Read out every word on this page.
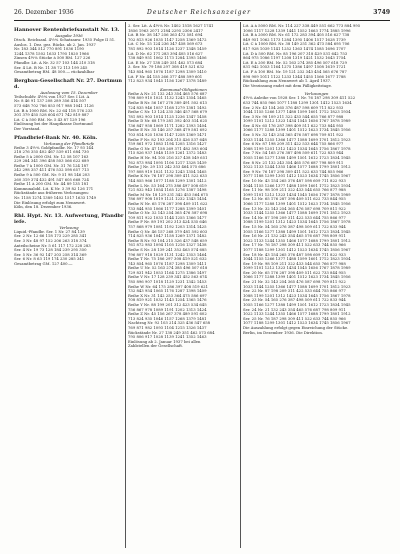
26. Dezember 1936	Deutscher Reichsanzeiger	3749
Hannover Rentenbriefsanstalt Nr. 13.
Ausgabe 1936
Dtsch. Reichsanl. 4½% Schatzanw. 1935 Folge II 51.
Auslos. 1. Dez. gez. Rückz. ab 2. Jan. 1937
Nr. 183 344 512 770 891 1036 1190
1244 1378 1502 1633 1795 1820 1966
Zinsen 4½% Stücke à 500 RM. 127 226
Pfandbr. Lit. A Nr. 32 57 103 144 210 318
Ser. 4 Lit. B Nr. 11 38 72 113 199 245
Gesamtbetrag RM. 48 500.— rückzahlbar
Bergbau-Gesellschaft Nr. 27. Dortmund.
Auslosung vom 15. Dezember
Teilschuldv. 4½% von 1927 Ser. I Lit. A
Nr. 8 46 91 137 208 289 356 414 507
573 648 702 786 853 917 988 1041 1126
Lit. B à 1000 RM. Nr. 22 64 118 176 233
301 379 455 528 604 671 742 819 887
Lit. C à 500 RM. Nr. 5 43 87 129 196
Einlösung bei der Hauptkasse Dortmund
Der Vorstand.
Pfandbrief-Bank Nr. 40. Köln.
Verlosung der Pfandbriefe
Reihe 3 4½% Goldpfandbr. Nr. 17 93 144
218 276 355 402 467 539 611 684 730
Reihe 5 à 2000 GM. Nr. 12 58 107 163
229 284 341 396 458 503 566 622 689
Reihe 7 à 1000 GM. Nr. 31 76 124 187
242 298 357 411 476 532 598 657 713
Reihe 9 à 500 GM. Nr. 9 51 98 146 203
260 319 374 432 491 547 605 668 724
Reihe 11 à 200 GM. Nr. 44 89 135 181
Kommunalobl. Lit. K Nr. 3 39 82 126 171
Rückstände aus früheren Verlosungen:
Nr. 1158 1274 1389 1402 1517 1633 1749
Die Einlösung erfolgt zum Nennwert.
Köln, den 18. Dezember 1936.
Rhl. Hypt. Nr. 13. Aufwertung, Pfandbriefe.
Verlosung
Liquid.-Pfandbr. Ser. 1 Nr. 27 84 139
Ser. 2 Nr. 12 66 118 173 229 285 341
Ser. 3 Nr. 48 97 152 206 263 318 374
Anteilscheine Nr. 5 61 117 172 228 283
Ser. 4 Nr. 19 73 128 184 239 295 350
Ser. 5 Nr. 36 92 147 203 258 314 369
Ser. 6 Nr. 8 63 119 174 230 285 341
Gesamtbetrag GM. 127 400.—
2. Ser. Lit. A 4½% Nr. 1402 1518 1627 1741
1856 1963 2071 2184 2295 2306 2417
Lit. B Nr. 38 147 256 363 472 581 694
702 813 926 1035 1147 1258 1369 1472
Lit. C Nr. 15 124 236 347 458 569 673
781 892 903 1014 1126 1237 1348 1459
Lit. D Nr. 62 171 283 394 405 516 627
738 849 951 1062 1173 1284 1395 1406
Lit. E Nr. 27 138 249 351 462 573 684
3. Ser. Nr. 79 186 297 308 419 521 632
743 854 965 1076 1187 1298 1309 1410
Lit. F Nr. 44 155 266 377 488 599 601
712 823 934 1045 1156 1267 1378 1489
Kommunal-Obligationen
Reihe A Nr. 21 132 243 354 465 576 687
798 809 910 1021 1132 1243 1354 1465
Reihe B Nr. 56 167 278 389 491 502 613
724 835 946 1057 1168 1279 1381 1492
Reihe C Nr. 13 124 235 346 457 568 679
781 892 903 1014 1125 1236 1347 1458
Reihe D Nr. 68 179 281 392 403 514 625
736 847 958 1069 1171 1282 1393 1404
Reihe E Nr. 35 146 257 368 479 581 692
703 814 925 1036 1147 1258 1369 1471
Reihe F Nr. 82 193 204 315 426 537 648
759 861 972 1083 1194 1205 1316 1427
Reihe G Nr. 47 158 269 371 482 593 604
715 826 937 1048 1159 1261 1372 1483
Reihe H Nr. 94 105 216 327 438 549 651
762 873 984 1095 1106 1217 1328 1439
Reihe J Nr. 29 131 242 353 464 575 686
797 808 919 1021 1132 1243 1354 1465
Reihe K Nr. 76 187 298 309 411 522 633
744 855 966 1077 1188 1299 1301 1412
Reihe L Nr. 53 164 275 386 497 508 619
721 832 943 1054 1165 1276 1387 1498
Reihe M Nr. 18 129 231 342 453 564 675
786 897 908 1019 1121 1232 1343 1454
Reihe N Nr. 65 176 287 398 409 511 622
733 844 955 1066 1177 1288 1399 1401
Reihe O Nr. 32 143 254 365 476 587 698
709 811 922 1033 1144 1255 1366 1477
Reihe P Nr. 89 191 202 313 424 535 646
757 868 979 1081 1192 1203 1314 1425
Reihe Q Nr. 46 157 268 379 481 592 603
714 825 936 1047 1158 1269 1371 1482
Reihe R Nr. 93 104 215 326 437 548 659
761 872 983 1094 1105 1216 1327 1438
Reihe S Nr. 28 139 241 352 463 574 685
796 807 918 1029 1131 1242 1353 1464
Reihe T Nr. 75 186 297 308 419 521 632
743 854 965 1076 1187 1298 1309 1411
Reihe U Nr. 52 163 274 385 496 507 618
729 831 942 1053 1164 1275 1386 1497
Reihe V Nr. 17 128 239 341 452 563 674
785 896 907 1018 1129 1231 1342 1453
Reihe W Nr. 64 175 286 397 408 519 621
732 843 954 1065 1176 1287 1398 1409
Reihe X Nr. 31 142 253 364 475 586 697
708 819 921 1032 1143 1254 1365 1476
Reihe Y Nr. 88 199 201 312 423 534 645
756 867 978 1089 1191 1202 1313 1424
Reihe Z Nr. 45 156 267 378 489 591 602
713 824 935 1046 1157 1268 1379 1481
Nachtrag Nr. 92 103 214 325 436 547 658
769 871 982 1093 1104 1215 1326 1437
Rückstände Nr. 27 138 249 351 462 573 684
795 806 917 1028 1139 1241 1352 1463
Einlösung ab 2. Januar 1937 bei allen
Zahlstellen der Gesellschaft.
Lit. A à 5000 RM. Nr. 114 227 338 449 551 662 773 884 995
1006 1117 1228 1339 1441 1552 1663 1774 1885 1996
Lit. B à 2000 RM. Nr. 61 172 283 394 405 516 627 738
849 951 1062 1173 1284 1395 1406 1517 1628 1739
Lit. C à 1000 RM. Nr. 38 149 251 362 473 584 695 706
817 928 1039 1141 1252 1363 1474 1585 1696 1707
Lit. D à 500 RM. Nr. 85 196 207 318 429 531 642 753
864 975 1086 1197 1208 1319 1421 1532 1643 1754
Lit. E à 200 RM. Nr. 52 163 274 385 496 507 618 729
831 942 1053 1164 1275 1386 1497 1508 1619 1721
Lit. F à 100 RM. Nr. 19 121 232 343 454 565 676 787
898 909 1011 1122 1233 1344 1455 1566 1677 1788
Rückzahlung zum Nennwert ab 1. April 1937.
Die Verzinsung endet mit dem Fälligkeitstage.
Verlosungen
4½% Anleihe von 1928 Ser. 1 Nr. 76 187 298 309 411 522
633 744 855 966 1077 1188 1299 1301 1412 1523 1634
Ser. 2 Nr. 43 154 265 376 487 598 609 711 822 933
1044 1155 1266 1377 1488 1599 1601 1712 1823 1934
Ser. 3 Nr. 98 109 211 322 433 544 655 766 877 988
1099 1101 1212 1323 1434 1545 1656 1767 1878 1989
Ser. 4 Nr. 65 176 287 398 409 511 622 733 844 955
1066 1177 1288 1399 1401 1512 1623 1734 1845 1956
Ser. 5 Nr. 32 143 254 365 476 587 698 709 811 922
1033 1144 1255 1366 1477 1588 1699 1701 1812 1923
Ser. 6 Nr. 87 198 209 311 422 533 644 755 866 977
1088 1199 1201 1312 1423 1534 1645 1756 1867 1978
Ser. 7 Nr. 54 165 276 387 498 509 611 722 833 944
1055 1166 1277 1388 1499 1501 1612 1723 1834 1945
Ser. 8 Nr. 21 132 243 354 465 576 687 798 809 911
1022 1133 1244 1355 1466 1577 1688 1799 1801 1912
Ser. 9 Nr. 76 187 298 309 411 522 633 744 855 966
1077 1188 1299 1301 1412 1523 1634 1745 1856 1967
Ser. 10 Nr. 43 154 265 376 487 598 609 711 822 933
1044 1155 1266 1377 1488 1599 1601 1712 1823 1934
Ser. 11 Nr. 98 109 211 322 433 544 655 766 877 988
1099 1101 1212 1323 1434 1545 1656 1767 1878 1989
Ser. 12 Nr. 65 176 287 398 409 511 622 733 844 955
1066 1177 1288 1399 1401 1512 1623 1734 1845 1956
Ser. 13 Nr. 32 143 254 365 476 587 698 709 811 922
1033 1144 1255 1366 1477 1588 1699 1701 1812 1923
Ser. 14 Nr. 87 198 209 311 422 533 644 755 866 977
1088 1199 1201 1312 1423 1534 1645 1756 1867 1978
Ser. 15 Nr. 54 165 276 387 498 509 611 722 833 944
1055 1166 1277 1388 1499 1501 1612 1723 1834 1945
Ser. 16 Nr. 21 132 243 354 465 576 687 798 809 911
1022 1133 1244 1355 1466 1577 1688 1799 1801 1912
Ser. 17 Nr. 76 187 298 309 411 522 633 744 855 966
1077 1188 1299 1301 1412 1523 1634 1745 1856 1967
Ser. 18 Nr. 43 154 265 376 487 598 609 711 822 933
1044 1155 1266 1377 1488 1599 1601 1712 1823 1934
Ser. 19 Nr. 98 109 211 322 433 544 655 766 877 988
1099 1101 1212 1323 1434 1545 1656 1767 1878 1989
Ser. 20 Nr. 65 176 287 398 409 511 622 733 844 955
1066 1177 1288 1399 1401 1512 1623 1734 1845 1956
Ser. 21 Nr. 32 143 254 365 476 587 698 709 811 922
1033 1144 1255 1366 1477 1588 1699 1701 1812 1923
Ser. 22 Nr. 87 198 209 311 422 533 644 755 866 977
1088 1199 1201 1312 1423 1534 1645 1756 1867 1978
Ser. 23 Nr. 54 165 276 387 498 509 611 722 833 944
1055 1166 1277 1388 1499 1501 1612 1723 1834 1945
Ser. 24 Nr. 21 132 243 354 465 576 687 798 809 911
1022 1133 1244 1355 1466 1577 1688 1799 1801 1912
Ser. 25 Nr. 76 187 298 309 411 522 633 744 855 966
1077 1188 1299 1301 1412 1523 1634 1745 1856 1967
Die Auszahlung erfolgt gegen Einreichung der Stücke.
Berlin, im Dezember 1936. Die Direktion.
